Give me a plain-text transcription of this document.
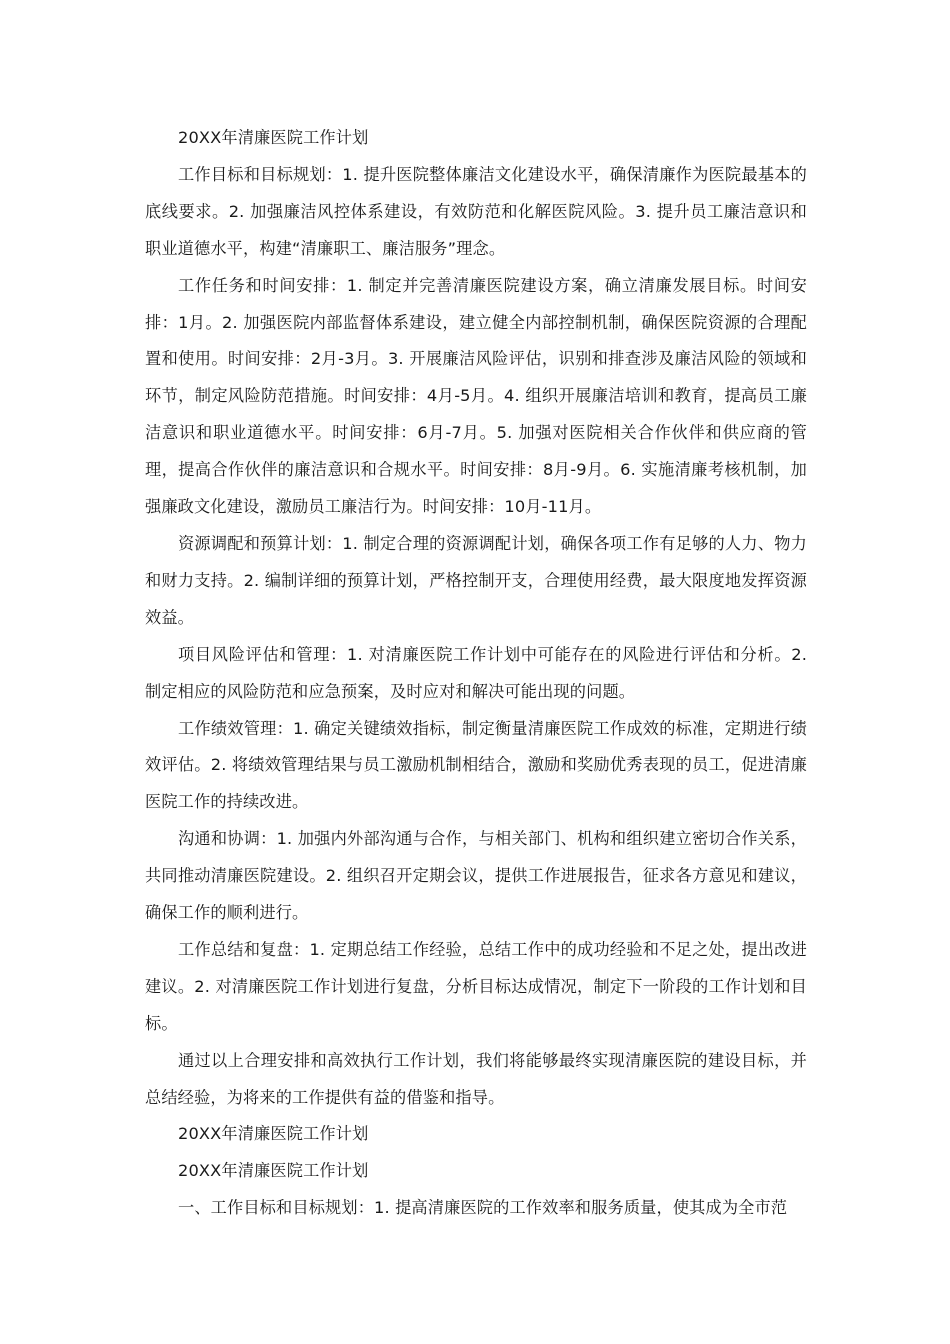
20XX年清廉医院工作计划

工作目标和目标规划：1. 提升医院整体廉洁文化建设水平，确保清廉作为医院最基本的底线要求。2. 加强廉洁风控体系建设，有效防范和化解医院风险。3. 提升员工廉洁意识和职业道德水平，构建“清廉职工、廉洁服务”理念。

工作任务和时间安排：1. 制定并完善清廉医院建设方案，确立清廉发展目标。时间安排：1月。2. 加强医院内部监督体系建设，建立健全内部控制机制，确保医院资源的合理配置和使用。时间安排：2月-3月。3. 开展廉洁风险评估，识别和排查涉及廉洁风险的领域和环节，制定风险防范措施。时间安排：4月-5月。4. 组织开展廉洁培训和教育，提高员工廉洁意识和职业道德水平。时间安排：6月-7月。5. 加强对医院相关合作伙伴和供应商的管理，提高合作伙伴的廉洁意识和合规水平。时间安排：8月-9月。6. 实施清廉考核机制，加强廉政文化建设，激励员工廉洁行为。时间安排：10月-11月。

资源调配和预算计划：1. 制定合理的资源调配计划，确保各项工作有足够的人力、物力和财力支持。2. 编制详细的预算计划，严格控制开支，合理使用经费，最大限度地发挥资源效益。

项目风险评估和管理：1. 对清廉医院工作计划中可能存在的风险进行评估和分析。2. 制定相应的风险防范和应急预案，及时应对和解决可能出现的问题。

工作绩效管理：1. 确定关键绩效指标，制定衡量清廉医院工作成效的标准，定期进行绩效评估。2. 将绩效管理结果与员工激励机制相结合，激励和奖励优秀表现的员工，促进清廉医院工作的持续改进。

沟通和协调：1. 加强内外部沟通与合作，与相关部门、机构和组织建立密切合作关系，共同推动清廉医院建设。2. 组织召开定期会议，提供工作进展报告，征求各方意见和建议，确保工作的顺利进行。

工作总结和复盘：1. 定期总结工作经验，总结工作中的成功经验和不足之处，提出改进建议。2. 对清廉医院工作计划进行复盘，分析目标达成情况，制定下一阶段的工作计划和目标。

通过以上合理安排和高效执行工作计划，我们将能够最终实现清廉医院的建设目标，并总结经验，为将来的工作提供有益的借鉴和指导。

20XX年清廉医院工作计划

20XX年清廉医院工作计划

一、工作目标和目标规划：1. 提高清廉医院的工作效率和服务质量，使其成为全市范
